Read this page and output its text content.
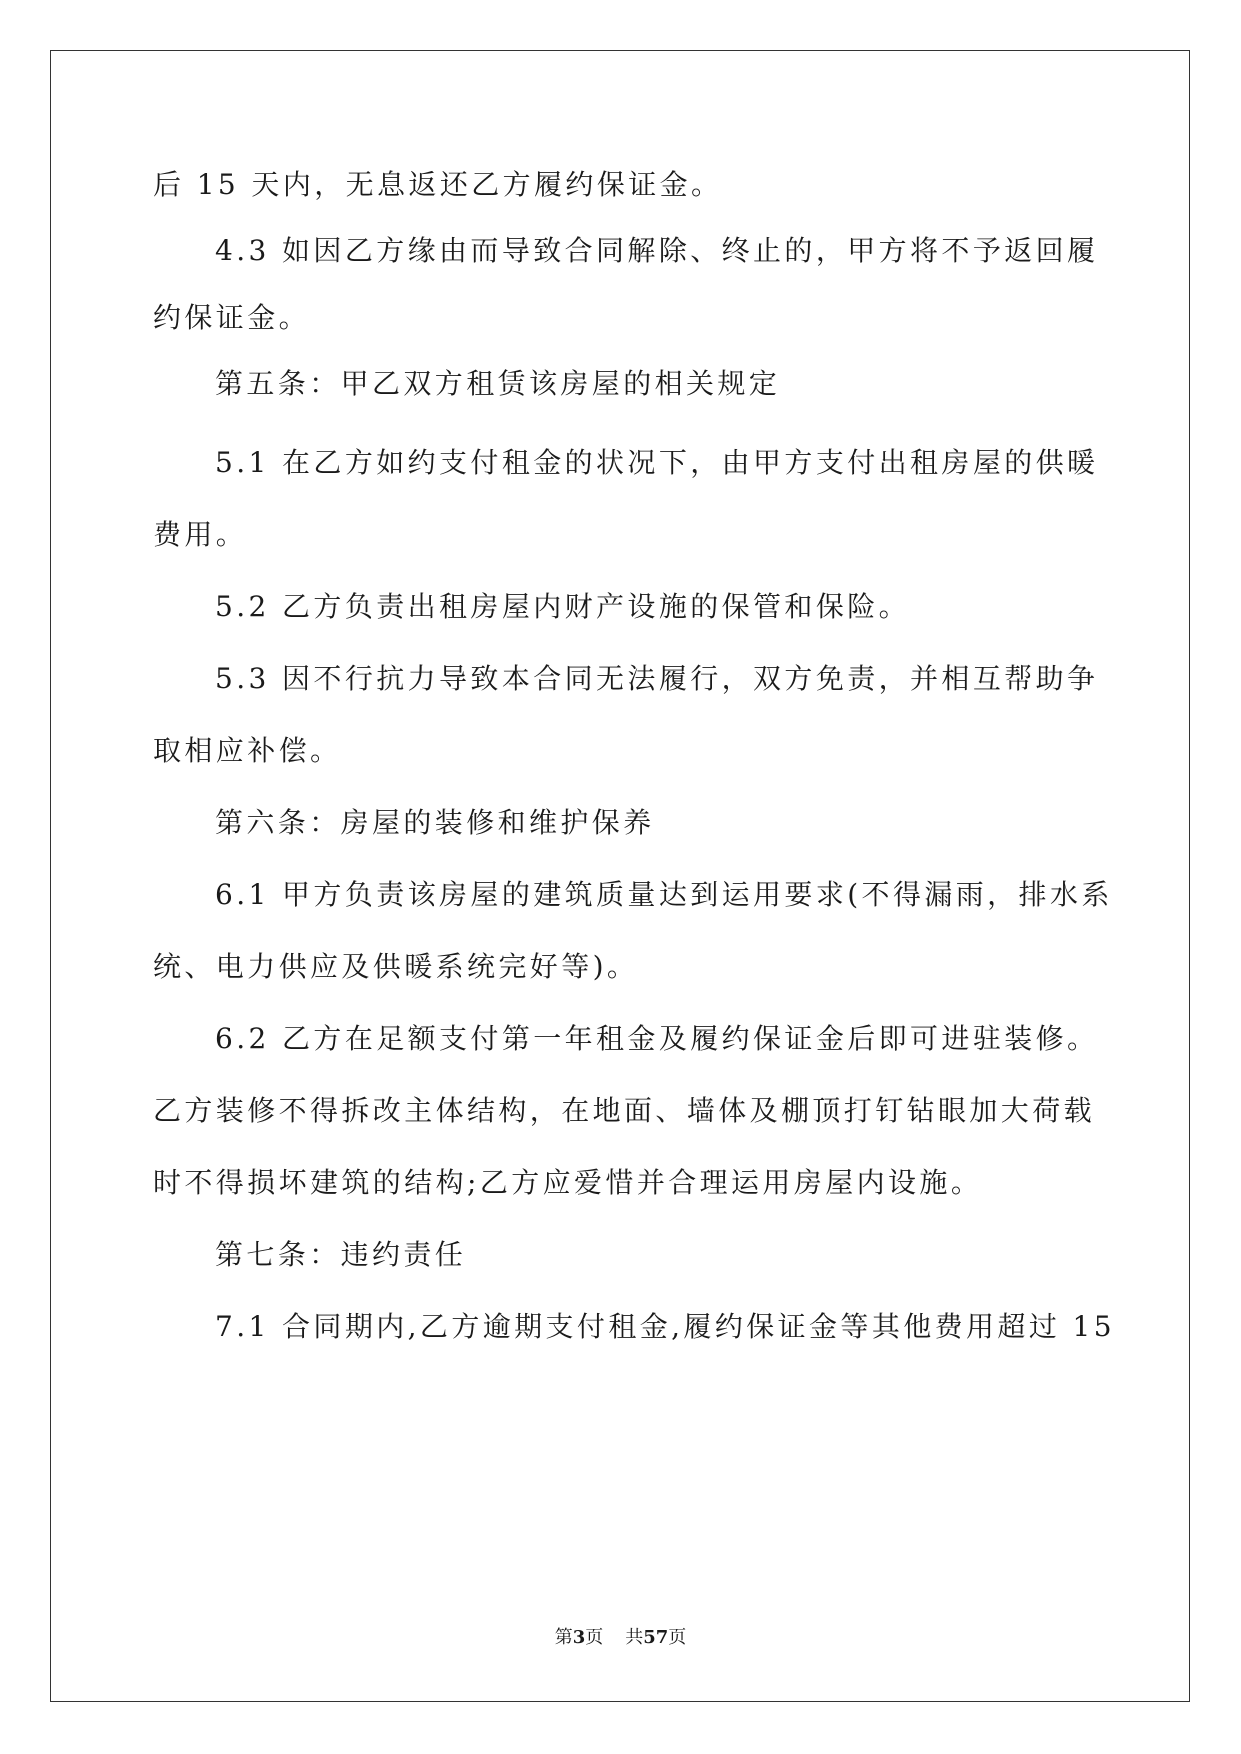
后 15 天内，无息返还乙方履约保证金。
4.3 如因乙方缘由而导致合同解除、终止的，甲方将不予返回履
约保证金。
第五条：甲乙双方租赁该房屋的相关规定
5.1 在乙方如约支付租金的状况下，由甲方支付出租房屋的供暖
费用。
5.2 乙方负责出租房屋内财产设施的保管和保险。
5.3 因不行抗力导致本合同无法履行，双方免责，并相互帮助争
取相应补偿。
第六条：房屋的装修和维护保养
6.1 甲方负责该房屋的建筑质量达到运用要求(不得漏雨，排水系
统、电力供应及供暖系统完好等)。
6.2 乙方在足额支付第一年租金及履约保证金后即可进驻装修。
乙方装修不得拆改主体结构，在地面、墙体及棚顶打钉钻眼加大荷载
时不得损坏建筑的结构;乙方应爱惜并合理运用房屋内设施。
第七条：违约责任
7.1 合同期内,乙方逾期支付租金,履约保证金等其他费用超过 15
第3页 共57页
